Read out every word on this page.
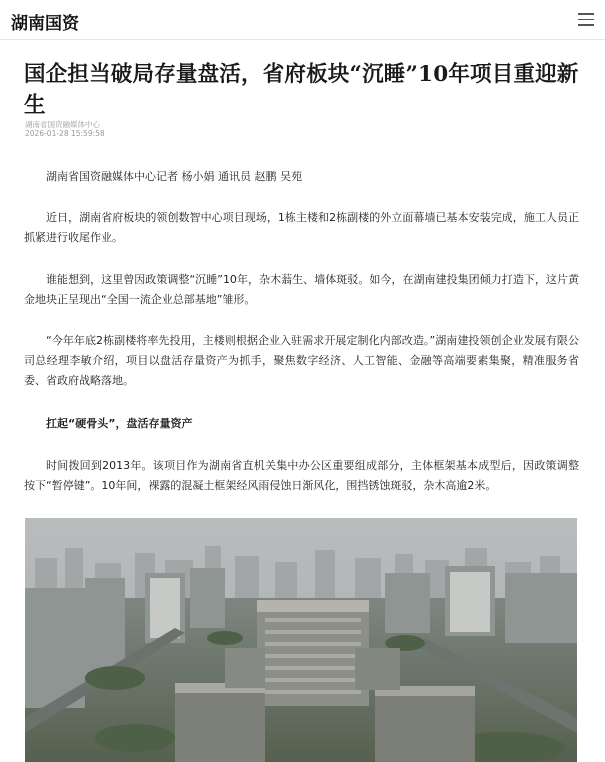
湖南国资
国企担当破局存量盘活，省府板块“沉睡”10年项目重迎新生
湖南省国资融媒体中心
2026-01-28 15:59:58

湖南省国资融媒体中心记者 杨小娟 通讯员 赵鹏 吴苑

近日，湖南省府板块的领创数智中心项目现场，1栋主楼和2栋副楼的外立面幕墙已基本安装完成，施工人员正抓紧进行收尾作业。

谁能想到，这里曾因政策调整“沉睡”10年，杂木蓊生、墙体斑驳。如今，在湖南建投集团倾力打造下，这片黄金地块正呈现出“全国一流企业总部基地”雏形。

“今年年底2栋副楼将率先投用，主楼则根据企业入驻需求开展定制化内部改造。”湖南建投领创企业发展有限公司总经理李敏介绍，项目以盘活存量资产为抓手，聚焦数字经济、人工智能、金融等高端要素集聚，精准服务省委、省政府战略落地。

扛起“硬骨头”，盘活存量资产

时间拨回到2013年。该项目作为湖南省直机关集中办公区重要组成部分，主体框架基本成型后，因政策调整按下“暂停键”。10年间，裸露的混凝土框架经风雨侵蚀日渐风化，围挡锈蚀斑驳，杂木高逾2米。
